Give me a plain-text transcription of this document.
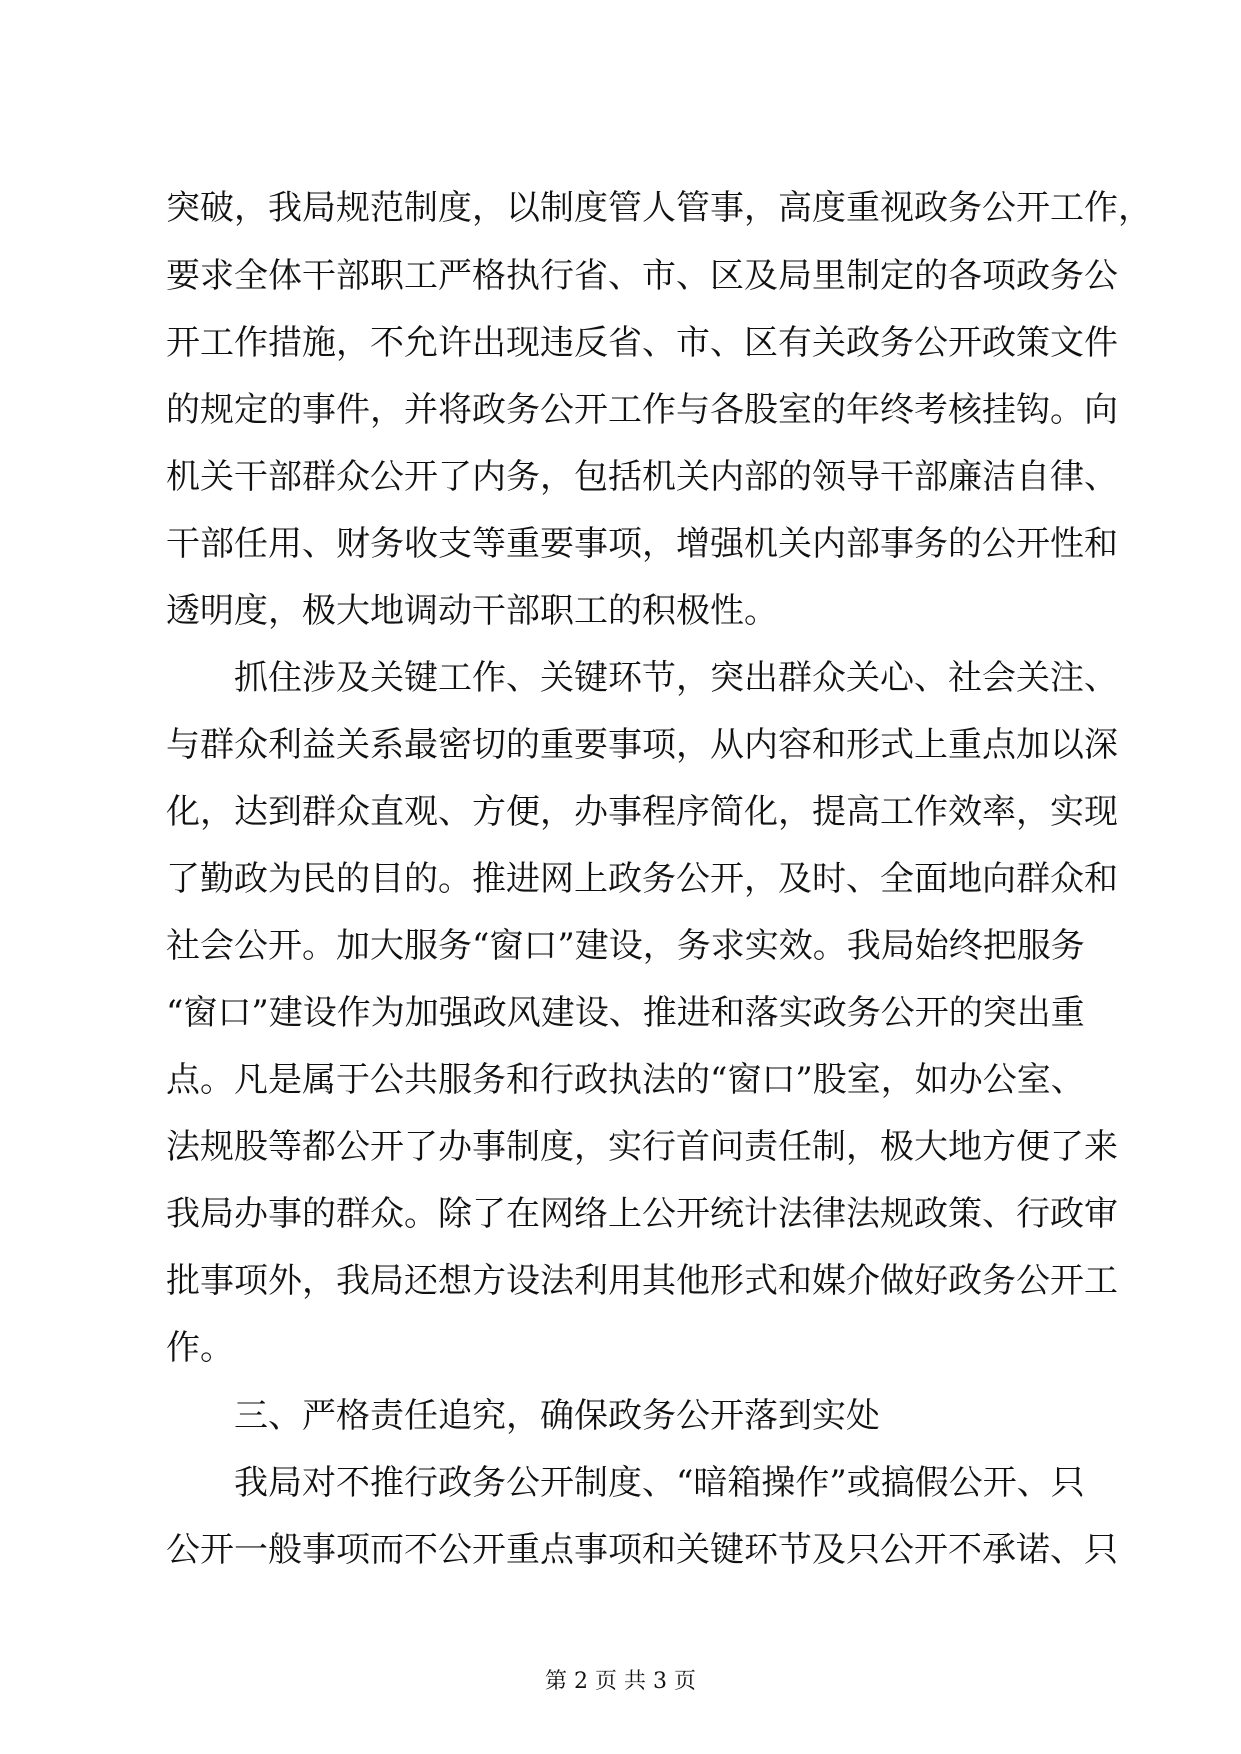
突破，我局规范制度，以制度管人管事，高度重视政务公开工作，
要求全体干部职工严格执行省、市、区及局里制定的各项政务公
开工作措施，不允许出现违反省、市、区有关政务公开政策文件
的规定的事件，并将政务公开工作与各股室的年终考核挂钩。向
机关干部群众公开了内务，包括机关内部的领导干部廉洁自律、
干部任用、财务收支等重要事项，增强机关内部事务的公开性和
透明度，极大地调动干部职工的积极性。
抓住涉及关键工作、关键环节，突出群众关心、社会关注、
与群众利益关系最密切的重要事项，从内容和形式上重点加以深
化，达到群众直观、方便，办事程序简化，提高工作效率，实现
了勤政为民的目的。推进网上政务公开，及时、全面地向群众和
社会公开。加大服务“窗口”建设，务求实效。我局始终把服务
“窗口”建设作为加强政风建设、推进和落实政务公开的突出重
点。凡是属于公共服务和行政执法的“窗口”股室，如办公室、
法规股等都公开了办事制度，实行首问责任制，极大地方便了来
我局办事的群众。除了在网络上公开统计法律法规政策、行政审
批事项外，我局还想方设法利用其他形式和媒介做好政务公开工
作。
三、严格责任追究，确保政务公开落到实处
我局对不推行政务公开制度、“暗箱操作”或搞假公开、只
公开一般事项而不公开重点事项和关键环节及只公开不承诺、只
第 2 页 共 3 页
